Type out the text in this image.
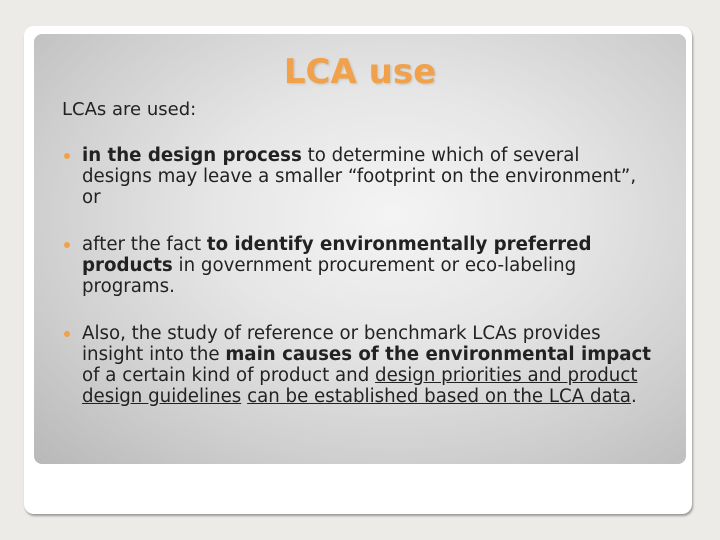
LCA use
LCAs are used:
in the design process to determine which of several designs may leave a smaller “footprint on the environment”, or
after the fact to identify environmentally preferred products in government procurement or eco-labeling programs.
Also, the study of reference or benchmark LCAs provides insight into the main causes of the environmental impact of a certain kind of product and design priorities and product design guidelines can be established based on the LCA data.
